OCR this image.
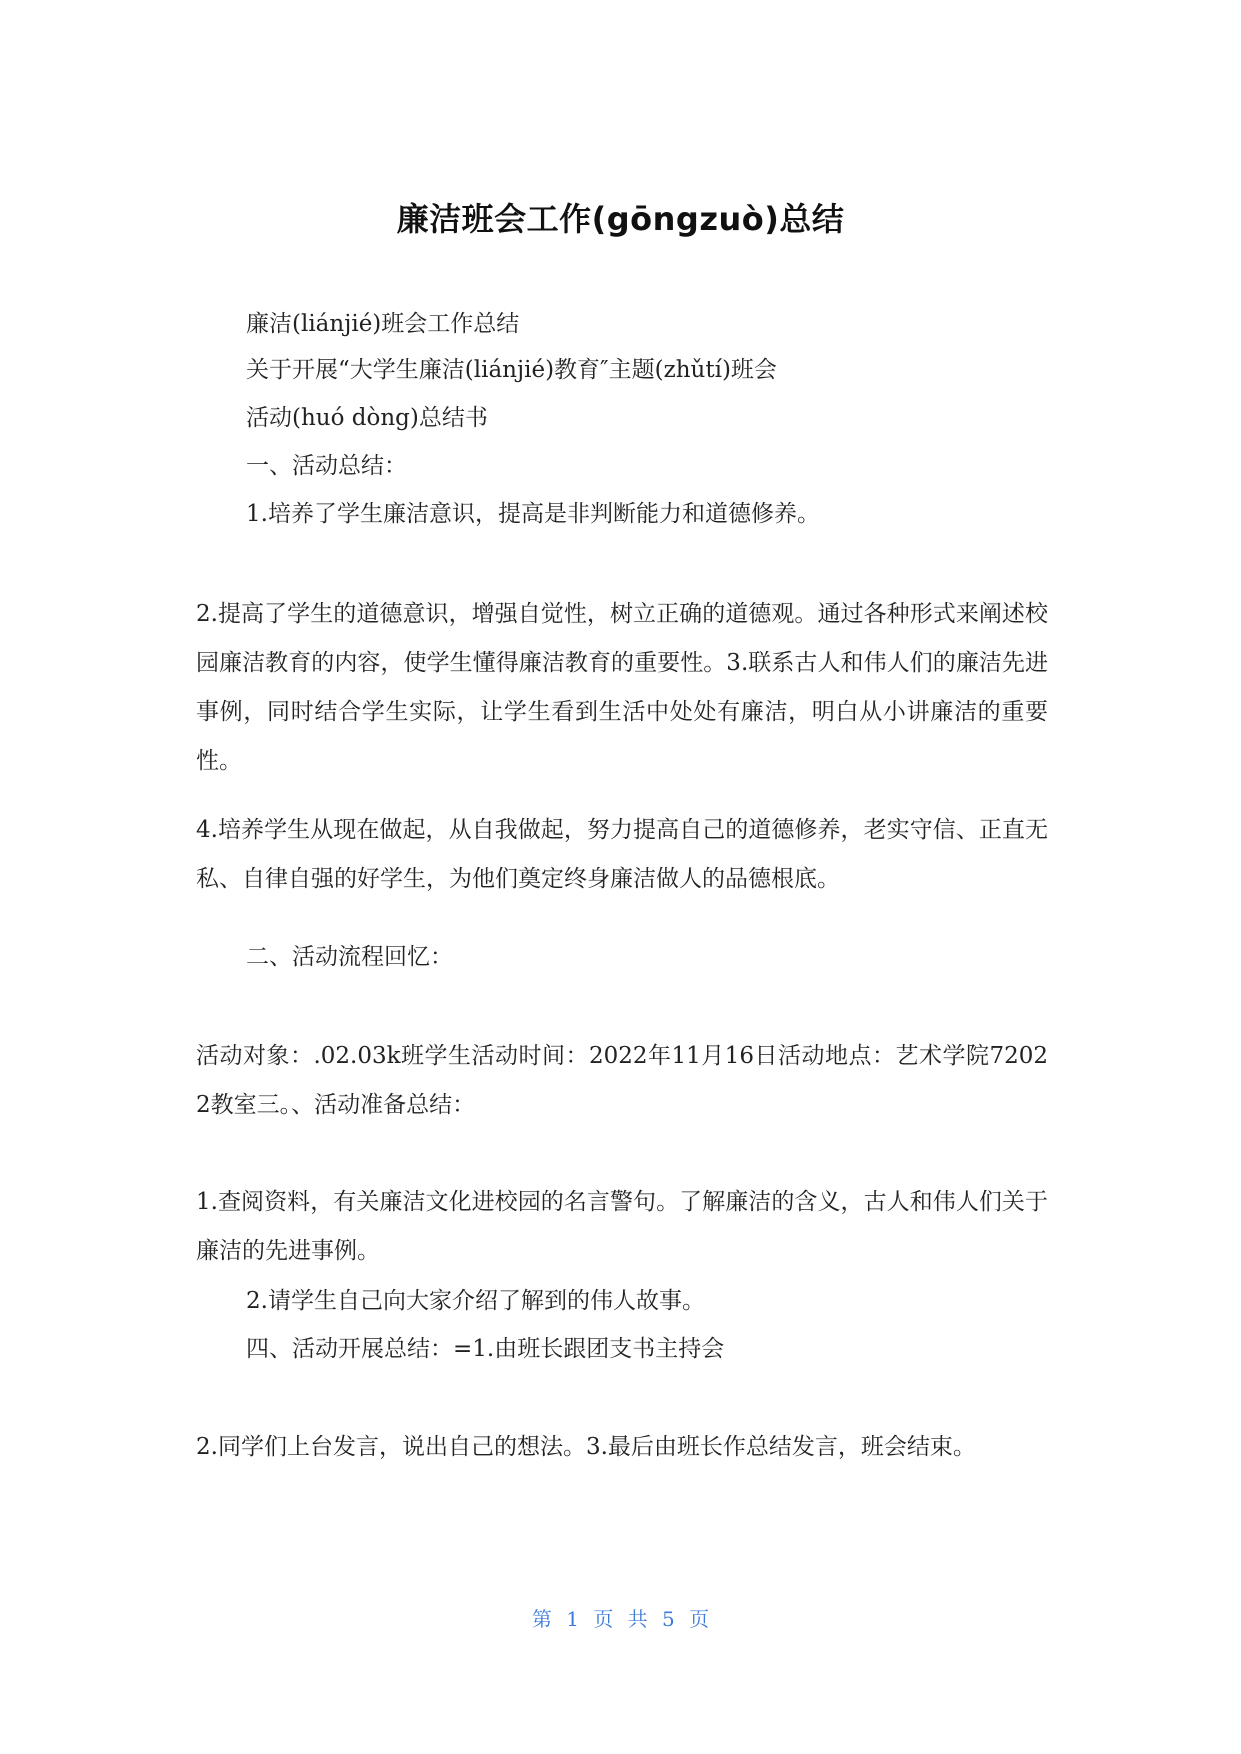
廉洁班会工作(gōngzuò)总结
廉洁(liánjié)班会工作总结
关于开展“大学生廉洁(liánjié)教育″主题(zhǔtí)班会
活动(huó dòng)总结书
一、活动总结：
1.培养了学生廉洁意识，提高是非判断能力和道德修养。
2.提高了学生的道德意识，增强自觉性，树立正确的道德观。通过各种形式来阐述校园廉洁教育的内容，使学生懂得廉洁教育的重要性。3.联系古人和伟人们的廉洁先进事例，同时结合学生实际，让学生看到生活中处处有廉洁，明白从小讲廉洁的重要性。
4.培养学生从现在做起，从自我做起，努力提高自己的道德修养，老实守信、正直无私、自律自强的好学生，为他们奠定终身廉洁做人的品德根底。
二、活动流程回忆：
活动对象：.02.03k班学生活动时间：2022年11月16日活动地点：艺术学院72022教室三。、活动准备总结：
1.查阅资料，有关廉洁文化进校园的名言警句。了解廉洁的含义，古人和伟人们关于廉洁的先进事例。
2.请学生自己向大家介绍了解到的伟人故事。
四、活动开展总结：=1.由班长跟团支书主持会
2.同学们上台发言，说出自己的想法。3.最后由班长作总结发言，班会结束。
第 1 页 共 5 页
